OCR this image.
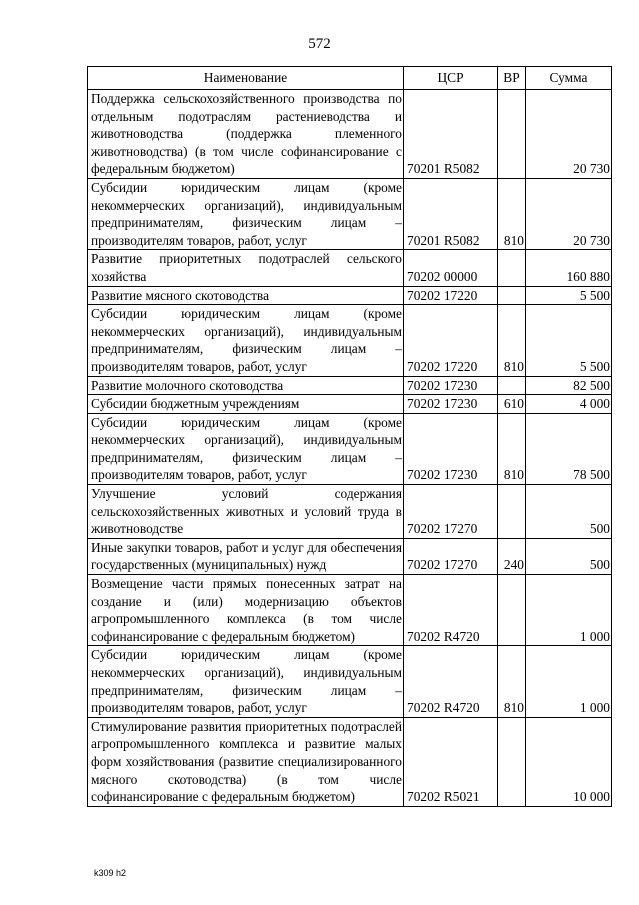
572
Наименование	ЦСР	ВР	Сумма
Поддержка сельскохозяйственного производства по отдельным подотраслям растениеводства и животноводства (поддержка племенного животноводства) (в том числе софинансирование с федеральным бюджетом)	70201 R5082		20 730
Субсидии юридическим лицам (кроме некоммерческих организаций), индивидуальным предпринимателям, физическим лицам – производителям товаров, работ, услуг	70201 R5082	810	20 730
Развитие приоритетных подотраслей сельского хозяйства	70202 00000		160 880
Развитие мясного скотоводства	70202 17220		5 500
Субсидии юридическим лицам (кроме некоммерческих организаций), индивидуальным предпринимателям, физическим лицам – производителям товаров, работ, услуг	70202 17220	810	5 500
Развитие молочного скотоводства	70202 17230		82 500
Субсидии бюджетным учреждениям	70202 17230	610	4 000
Субсидии юридическим лицам (кроме некоммерческих организаций), индивидуальным предпринимателям, физическим лицам – производителям товаров, работ, услуг	70202 17230	810	78 500
Улучшение условий содержания сельскохозяйственных животных и условий труда в животноводстве	70202 17270		500
Иные закупки товаров, работ и услуг для обеспечения государственных (муниципальных) нужд	70202 17270	240	500
Возмещение части прямых понесенных затрат на создание и (или) модернизацию объектов агропромышленного комплекса (в том числе софинансирование с федеральным бюджетом)	70202 R4720		1 000
Субсидии юридическим лицам (кроме некоммерческих организаций), индивидуальным предпринимателям, физическим лицам – производителям товаров, работ, услуг	70202 R4720	810	1 000
Стимулирование развития приоритетных подотраслей агропромышленного комплекса и развитие малых форм хозяйствования (развитие специализированного мясного скотоводства) (в том числе софинансирование с федеральным бюджетом)	70202 R5021		10 000
k309 h2
